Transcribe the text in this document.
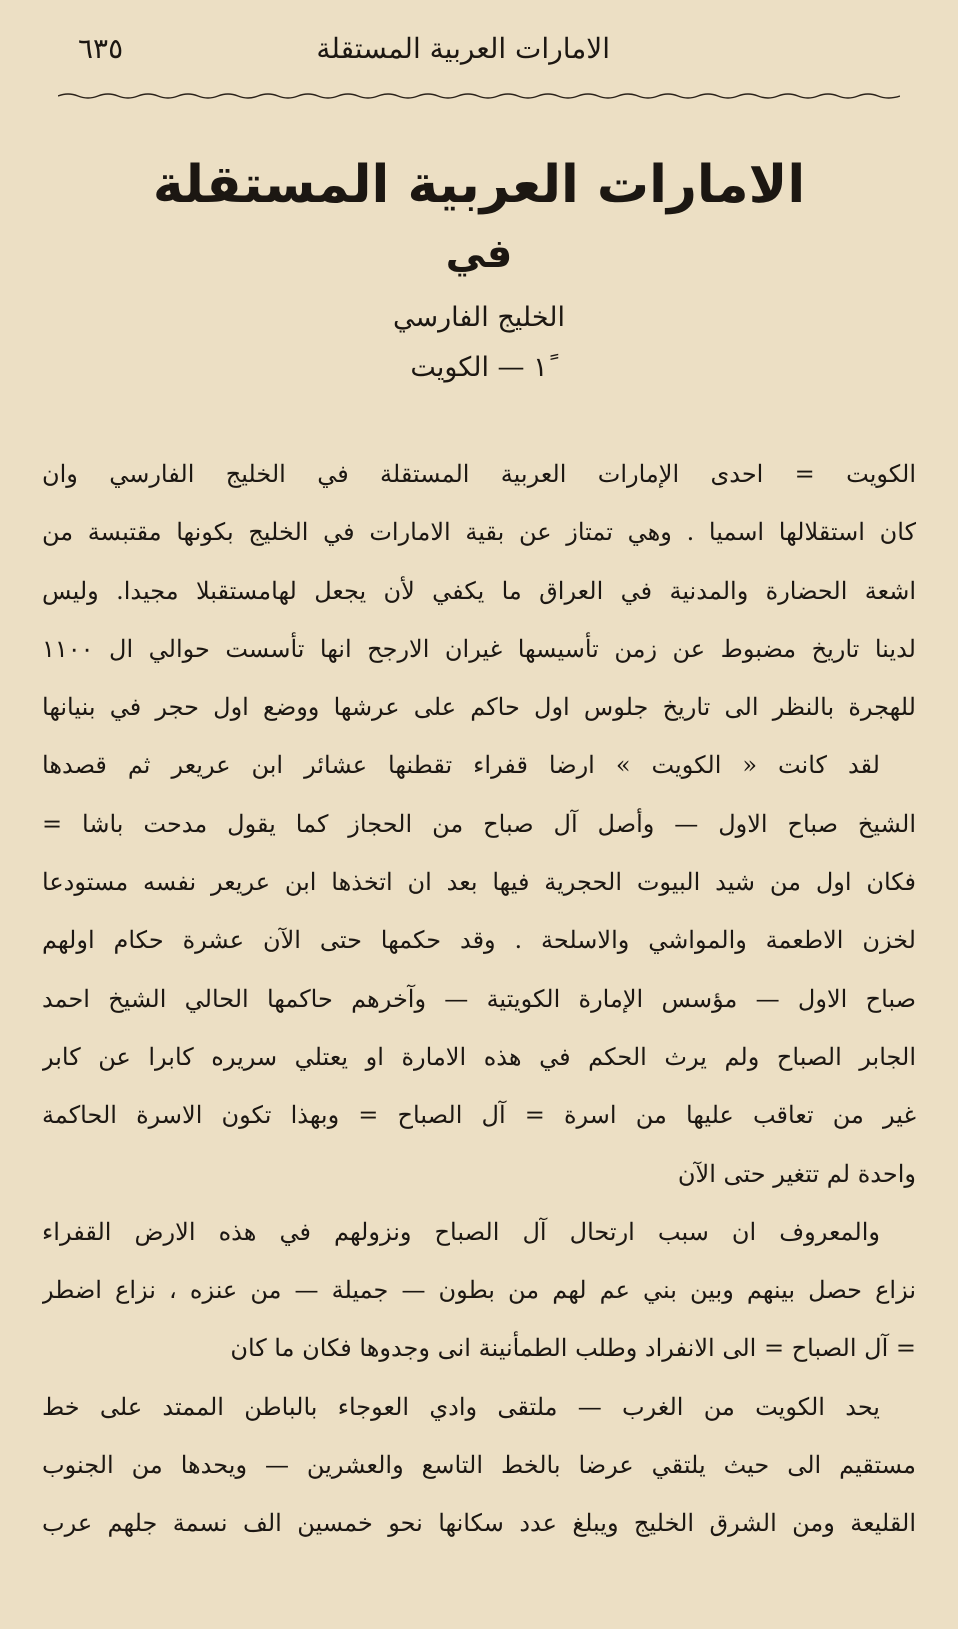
٦٣٥	الامارات العربية المستقلة
الامارات العربية المستقلة
في
الخليج الفارسي
١ً — الكويت
الكويت = احدى الإمارات العربية المستقلة في الخليج الفارسي وان
كان استقلالها اسميا . وهي تمتاز عن بقية الامارات في الخليج بكونها مقتبسة من
اشعة الحضارة والمدنية في العراق ما يكفي لأن يجعل لهامستقبلا مجيدا. وليس
لدينا تاريخ مضبوط عن زمن تأسيسها غيران الارجح انها تأسست حوالي ال ١١٠٠
للهجرة بالنظر الى تاريخ جلوس اول حاكم على عرشها ووضع اول حجر في بنيانها
لقد كانت « الكويت » ارضا قفراء تقطنها عشائر ابن عريعر ثم قصدها
الشيخ صباح الاول — وأصل آل صباح من الحجاز كما يقول مدحت باشا =
فكان اول من شيد البيوت الحجرية فيها بعد ان اتخذها ابن عريعر نفسه مستودعا
لخزن الاطعمة والمواشي والاسلحة . وقد حكمها حتى الآن عشرة حكام اولهم
صباح الاول — مؤسس الإمارة الكويتية — وآخرهم حاكمها الحالي الشيخ احمد
الجابر الصباح ولم يرث الحكم في هذه الامارة او يعتلي سريره كابرا عن كابر
غير من تعاقب عليها من اسرة = آل الصباح = وبهذا تكون الاسرة الحاكمة
واحدة لم تتغير حتى الآن
والمعروف ان سبب ارتحال آل الصباح ونزولهم في هذه الارض القفراء
نزاع حصل بينهم وبين بني عم لهم من بطون — جميلة — من عنزه ، نزاع اضطر
= آل الصباح = الى الانفراد وطلب الطمأنينة انى وجدوها فكان ما كان
يحد الكويت من الغرب — ملتقى وادي العوجاء بالباطن الممتد على خط
مستقيم الى حيث يلتقي عرضا بالخط التاسع والعشرين — ويحدها من الجنوب
القليعة ومن الشرق الخليج ويبلغ عدد سكانها نحو خمسين الف نسمة جلهم عرب
